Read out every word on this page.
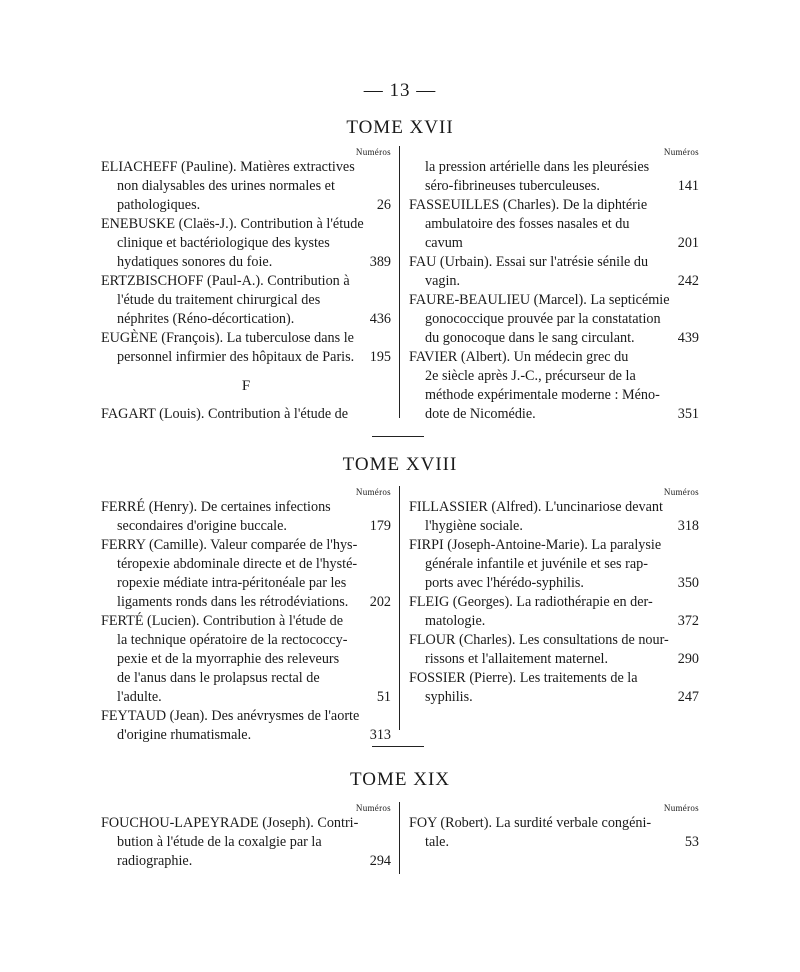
— 13 —
TOME XVII
Numéros
ELIACHEFF (Pauline). Matières extractives
non dialysables des urines normales et
pathologiques.	26
ENEBUSKE (Claës-J.). Contribution à l'étude
clinique et bactériologique des kystes
hydatiques sonores du foie.	389
ERTZBISCHOFF (Paul-A.). Contribution à
l'étude du traitement chirurgical des
néphrites (Réno-décortication).	436
EUGÈNE (François). La tuberculose dans le
personnel infirmier des hôpitaux de Paris.	195
F
FAGART (Louis). Contribution à l'étude de
Numéros
la pression artérielle dans les pleurésies
séro-fibrineuses tuberculeuses.	141
FASSEUILLES (Charles). De la diphtérie
ambulatoire des fosses nasales et du
cavum	201
FAU (Urbain). Essai sur l'atrésie sénile du
vagin.	242
FAURE-BEAULIEU (Marcel). La septicémie
gonococcique prouvée par la constatation
du gonocoque dans le sang circulant.	439
FAVIER (Albert). Un médecin grec du
2e siècle après J.-C., précurseur de la
méthode expérimentale moderne : Méno-
dote de Nicomédie.	351
TOME XVIII
Numéros
FERRÉ (Henry). De certaines infections
secondaires d'origine buccale.	179
FERRY (Camille). Valeur comparée de l'hys-
téropexie abdominale directe et de l'hysté-
ropexie médiate intra-péritonéale par les
ligaments ronds dans les rétrodéviations.	202
FERTÉ (Lucien). Contribution à l'étude de
la technique opératoire de la rectococcy-
pexie et de la myorraphie des releveurs
de l'anus dans le prolapsus rectal de
l'adulte.	51
FEYTAUD (Jean). Des anévrysmes de l'aorte
d'origine rhumatismale.	313
Numéros
FILLASSIER (Alfred). L'uncinariose devant
l'hygiène sociale.	318
FIRPI (Joseph-Antoine-Marie). La paralysie
générale infantile et juvénile et ses rap-
ports avec l'hérédo-syphilis.	350
FLEIG (Georges). La radiothérapie en der-
matologie.	372
FLOUR (Charles). Les consultations de nour-
rissons et l'allaitement maternel.	290
FOSSIER (Pierre). Les traitements de la
syphilis.	247
TOME XIX
Numéros
FOUCHOU-LAPEYRADE (Joseph). Contri-
bution à l'étude de la coxalgie par la
radiographie.	294
Numéros
FOY (Robert). La surdité verbale congéni-
tale.	53
